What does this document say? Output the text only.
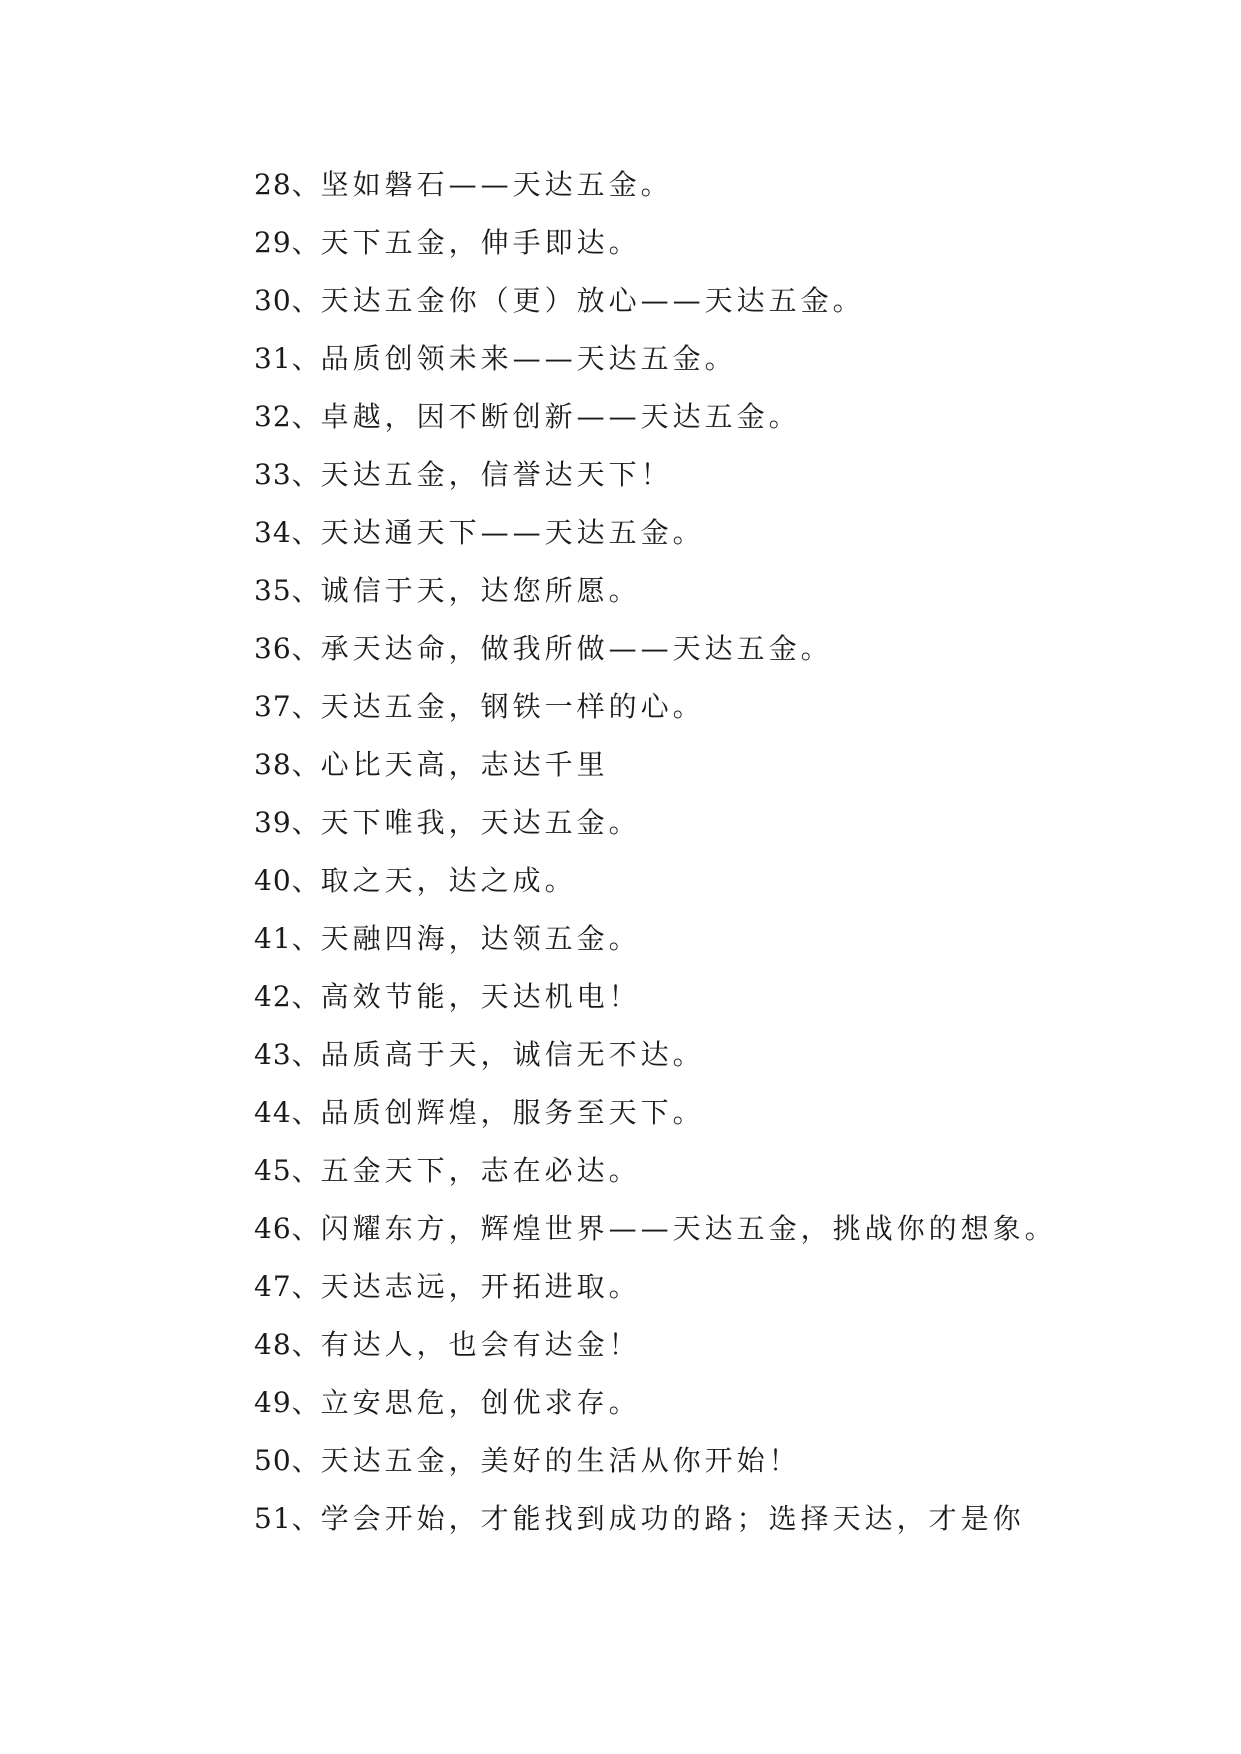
28、坚如磐石——天达五金。
29、天下五金，伸手即达。
30、天达五金你（更）放心——天达五金。
31、品质创领未来——天达五金。
32、卓越，因不断创新——天达五金。
33、天达五金，信誉达天下！
34、天达通天下——天达五金。
35、诚信于天，达您所愿。
36、承天达命，做我所做——天达五金。
37、天达五金，钢铁一样的心。
38、心比天高，志达千里
39、天下唯我，天达五金。
40、取之天，达之成。
41、天融四海，达领五金。
42、高效节能，天达机电！
43、品质高于天，诚信无不达。
44、品质创辉煌，服务至天下。
45、五金天下，志在必达。
46、闪耀东方，辉煌世界——天达五金，挑战你的想象。
47、天达志远，开拓进取。
48、有达人，也会有达金！
49、立安思危，创优求存。
50、天达五金，美好的生活从你开始！
51、学会开始，才能找到成功的路；选择天达，才是你
